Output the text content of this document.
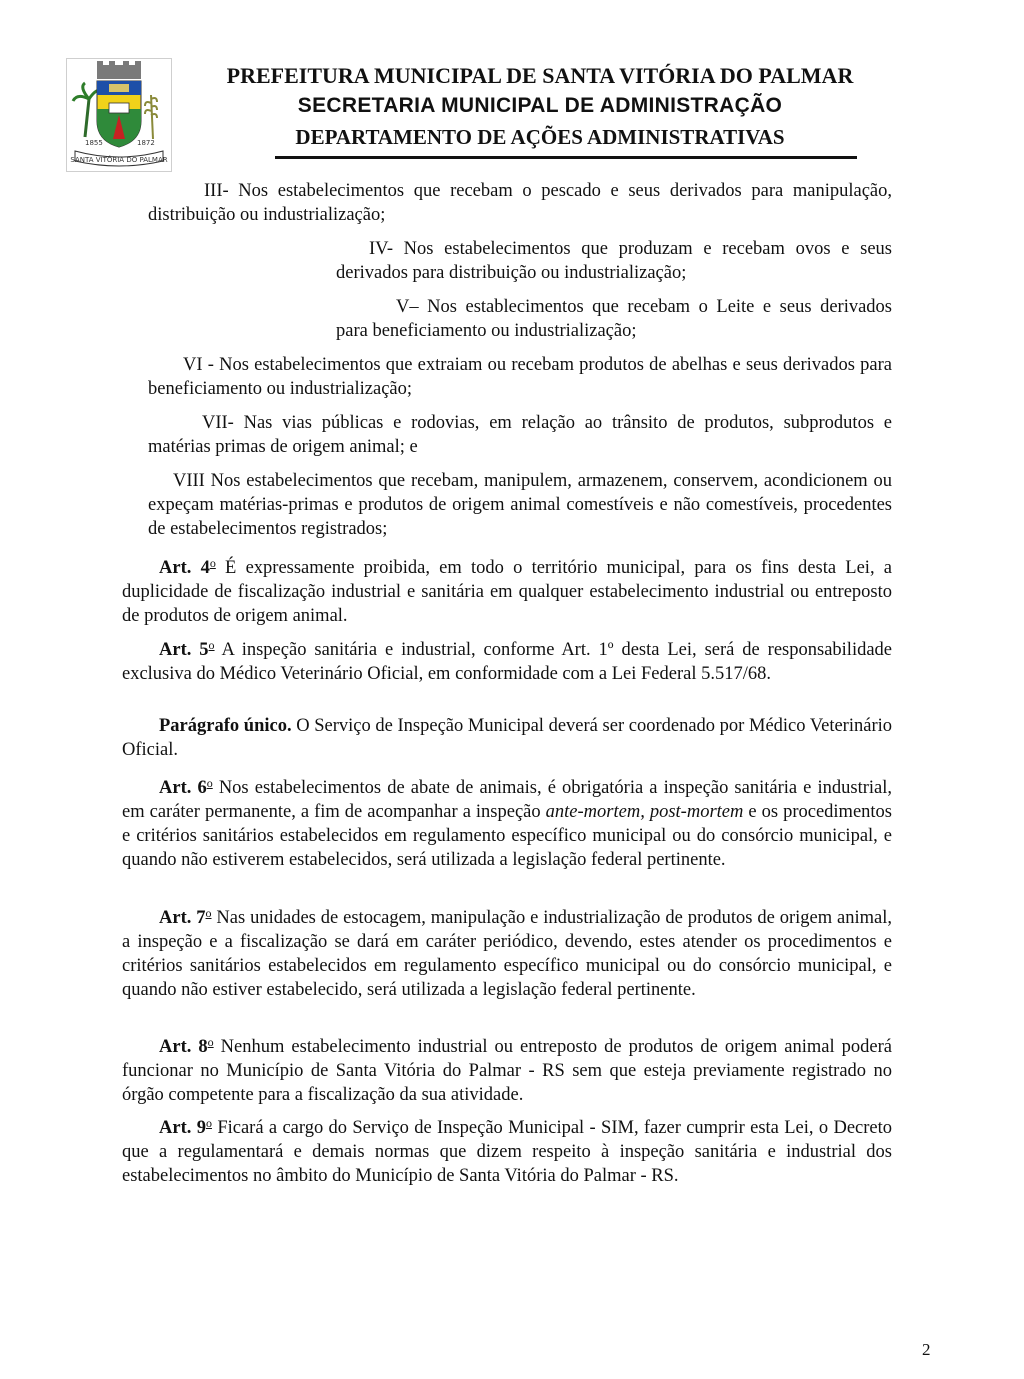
1855	1872
SANTA VITÓRIA DO PALMAR
PREFEITURA MUNICIPAL DE SANTA VITÓRIA DO PALMAR
SECRETARIA MUNICIPAL DE ADMINISTRAÇÃO
DEPARTAMENTO DE AÇÕES ADMINISTRATIVAS

III- Nos estabelecimentos que recebam o pescado e seus derivados para manipulação, distribuição ou industrialização;

IV- Nos estabelecimentos que produzam e recebam ovos e seus derivados para distribuição ou industrialização;

V– Nos establecimentos que recebam o Leite e seus derivados para beneficiamento ou industrialização;

VI - Nos estabelecimentos que extraiam ou recebam produtos de abelhas e seus derivados para beneficiamento ou industrialização;

VII- Nas vias públicas e rodovias, em relação ao trânsito de produtos, subprodutos e matérias primas de origem animal; e

VIII Nos estabelecimentos que recebam, manipulem, armazenem, conservem, acondicionem ou expeçam matérias-primas e produtos de origem animal comestíveis e não comestíveis, procedentes de estabelecimentos registrados;

Art. 4$^o$ É expressamente proibida, em todo o território municipal, para os fins desta Lei, a duplicidade de fiscalização industrial e sanitária em qualquer estabelecimento industrial ou entreposto de produtos de origem animal.

Art. 5$^o$ A inspeção sanitária e industrial, conforme Art. 1º desta Lei, será de responsabilidade exclusiva do Médico Veterinário Oficial, em conformidade com a Lei Federal 5.517/68.

Parágrafo único. O Serviço de Inspeção Municipal deverá ser coordenado por Médico Veterinário Oficial.

Art. 6$^o$ Nos estabelecimentos de abate de animais, é obrigatória a inspeção sanitária e industrial, em caráter permanente, a fim de acompanhar a inspeção ante-mortem, post-mortem e os procedimentos e critérios sanitários estabelecidos em regulamento específico municipal ou do consórcio municipal, e quando não estiverem estabelecidos, será utilizada a legislação federal pertinente.

Art. 7$^o$ Nas unidades de estocagem, manipulação e industrialização de produtos de origem animal, a inspeção e a fiscalização se dará em caráter periódico, devendo, estes atender os procedimentos e critérios sanitários estabelecidos em regulamento específico municipal ou do consórcio municipal, e quando não estiver estabelecido, será utilizada a legislação federal pertinente.

Art. 8$^o$ Nenhum estabelecimento industrial ou entreposto de produtos de origem animal poderá funcionar no Município de Santa Vitória do Palmar - RS sem que esteja previamente registrado no órgão competente para a fiscalização da sua atividade.

Art. 9$^o$ Ficará a cargo do Serviço de Inspeção Municipal - SIM, fazer cumprir esta Lei, o Decreto que a regulamentará e demais normas que dizem respeito à inspeção sanitária e industrial dos estabelecimentos no âmbito do Município de Santa Vitória do Palmar - RS.

2
